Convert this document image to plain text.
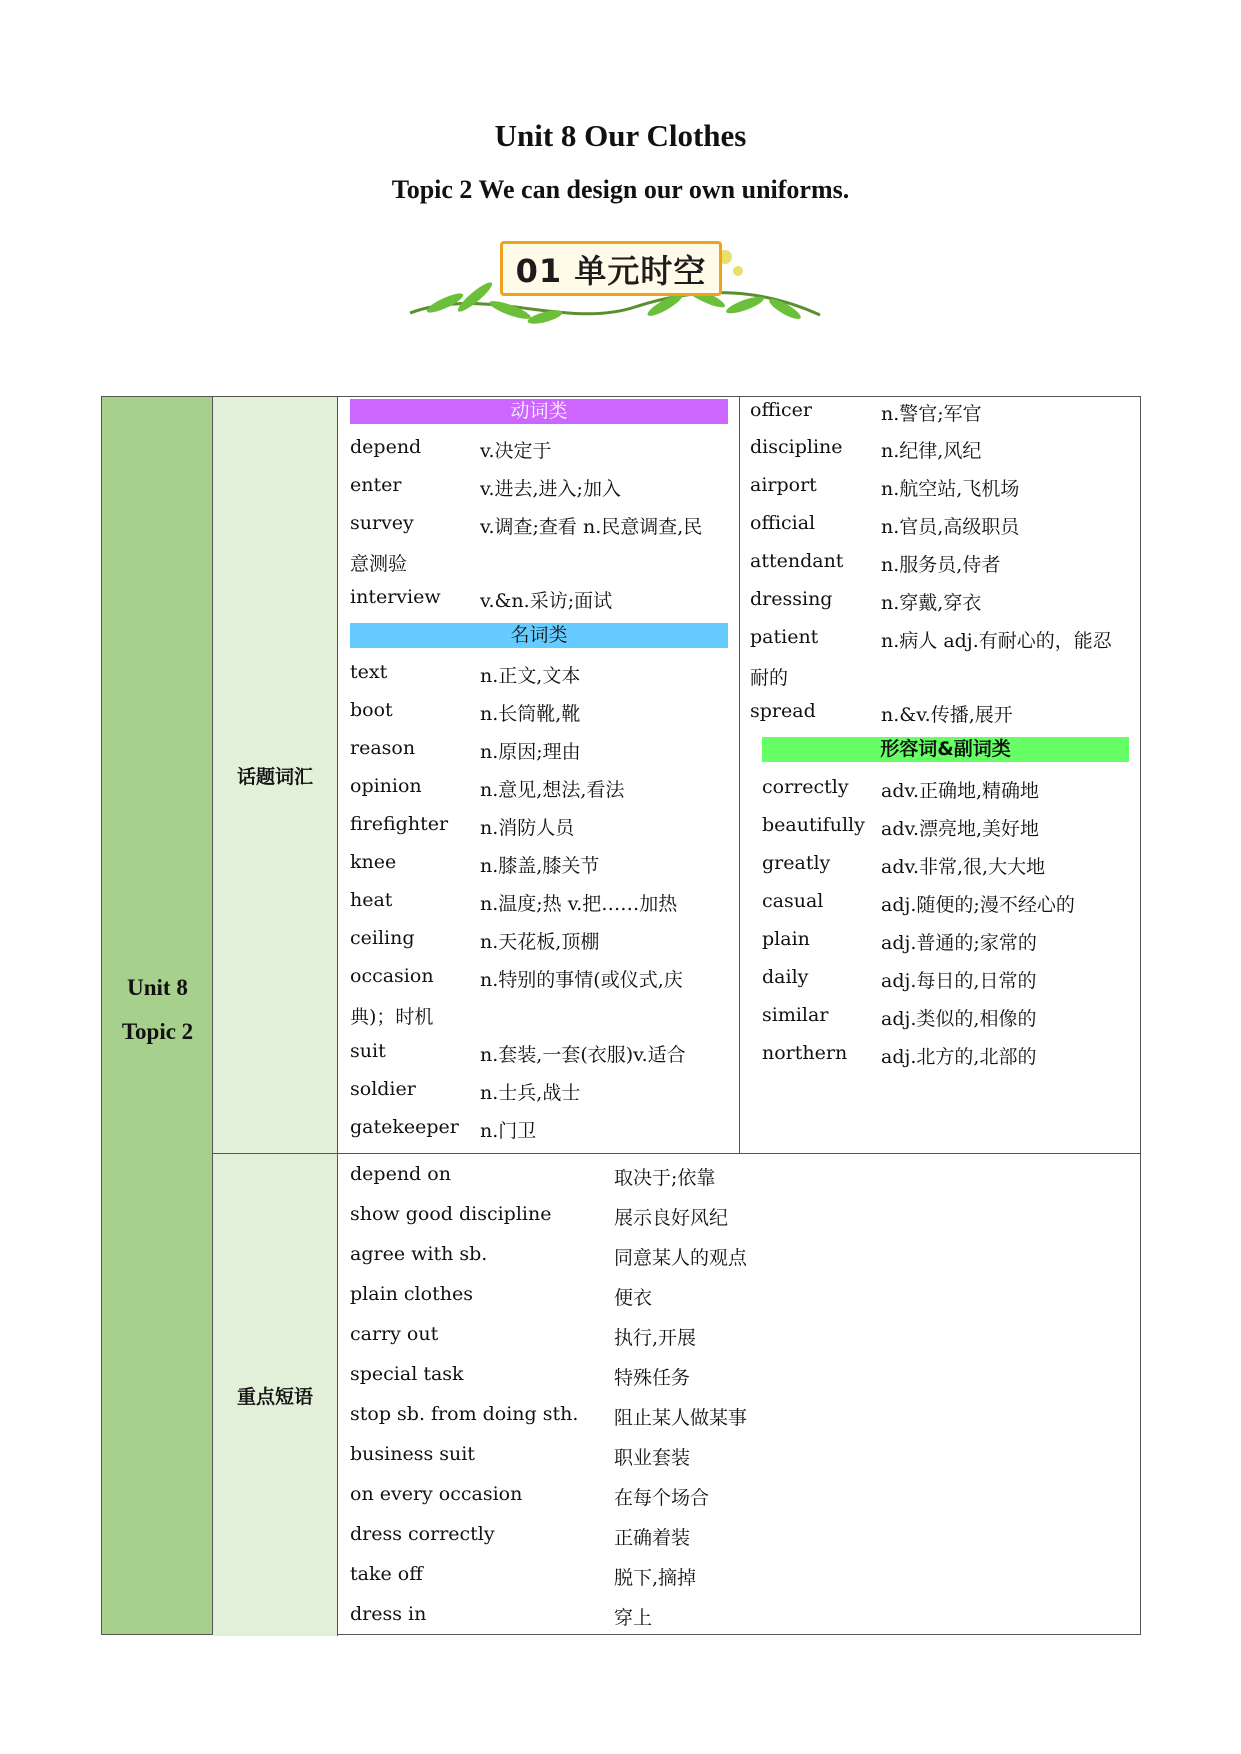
Unit 8 Our Clothes
Topic 2 We can design our own uniforms.
01 单元时空
Unit 8
Topic 2
话题词汇
重点短语
动词类
名词类
形容词&副词类
depend	v.决定于
enter	v.进去,进入;加入
survey	v.调查;查看 n.民意调查,民
意测验
interview v.&n.采访;面试
text	n.正文,文本
boot	n.长筒靴,靴
reason	n.原因;理由
opinion	n.意见,想法,看法
firefighter n.消防人员
knee	n.膝盖,膝关节
heat	n.温度;热 v.把……加热
ceiling	n.天花板,顶棚
occasion n.特别的事情(或仪式,庆
典)；时机
suit	n.套装,一套(衣服)v.适合
soldier	n.士兵,战士
gatekeeper n.门卫
officer	n.警官;军官
discipline n.纪律,风纪
airport	n.航空站,飞机场
official	n.官员,高级职员
attendant n.服务员,侍者
dressing	n.穿戴,穿衣
patient	n.病人 adj.有耐心的，能忍
耐的
spread	n.&v.传播,展开
correctly adv.正确地,精确地
beautifully adv.漂亮地,美好地
greatly	adv.非常,很,大大地
casual	adj.随便的;漫不经心的
plain	adj.普通的;家常的
daily	adj.每日的,日常的
similar	adj.类似的,相像的
northern adj.北方的,北部的
depend on	取决于;依靠
show good discipline	展示良好风纪
agree with sb.	同意某人的观点
plain clothes	便衣
carry out	执行,开展
special task	特殊任务
stop sb. from doing sth. 阻止某人做某事
business suit	职业套装
on every occasion	在每个场合
dress correctly	正确着装
take off	脱下,摘掉
dress in	穿上
